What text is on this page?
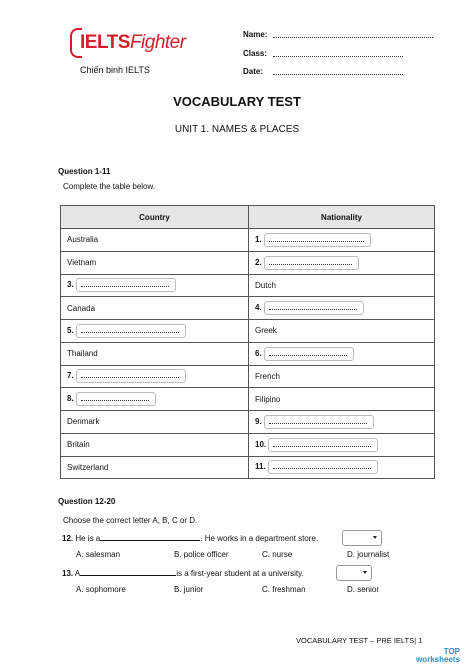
IELTSFighter
Chiến binh IELTS
Name:
Class:
Date:
VOCABULARY TEST
UNIT 1. NAMES & PLACES
Question 1-11
Complete the table below.
Country	Nationality
Australia	1.
Vietnam	2.
3.	Dutch
Canada	4.
5.	Greek
Thailand	6.
7.	French
8.	Filipino
Denmark	9.
Britain	10.
Switzerland	11.
Question 12-20
Choose the correct letter A, B, C or D.
12. He is a	. He works in a department store.
A. salesman	B. police officer	C. nurse	D. journalist
13. A	is a first-year student at a university.
A. sophomore	B. junior	C. freshman	D. senior
VOCABULARY TEST – PRE IELTS| 1
TOP
worksheets
